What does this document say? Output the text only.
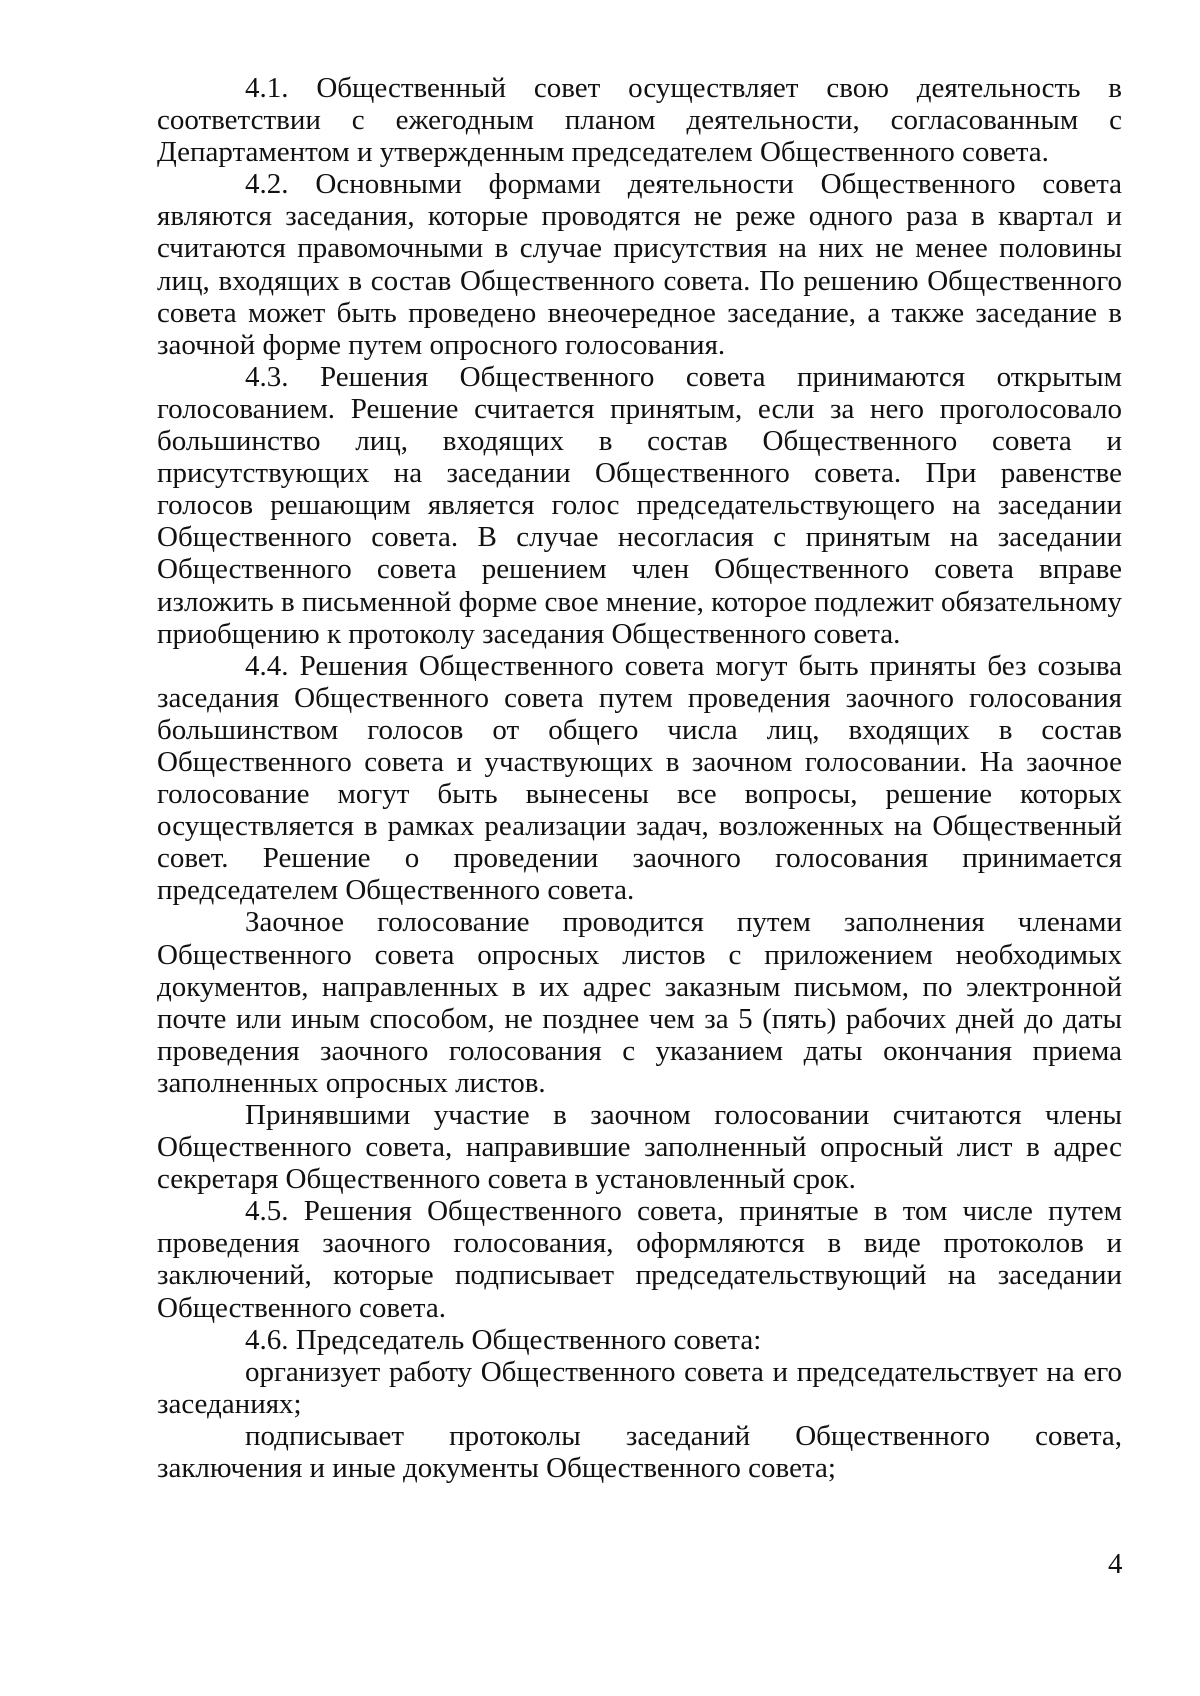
4.1. Общественный совет осуществляет свою деятельность в соответствии с ежегодным планом деятельности, согласованным с Департаментом и утвержденным председателем Общественного совета.

4.2. Основными формами деятельности Общественного совета являются заседания, которые проводятся не реже одного раза в квартал и считаются правомочными в случае присутствия на них не менее половины лиц, входящих в состав Общественного совета. По решению Общественного совета может быть проведено внеочередное заседание, а также заседание в заочной форме путем опросного голосования.

4.3. Решения Общественного совета принимаются открытым голосованием. Решение считается принятым, если за него проголосовало большинство лиц, входящих в состав Общественного совета и присутствующих на заседании Общественного совета. При равенстве голосов решающим является голос председательствующего на заседании Общественного совета. В случае несогласия с принятым на заседании Общественного совета решением член Общественного совета вправе изложить в письменной форме свое мнение, которое подлежит обязательному приобщению к протоколу заседания Общественного совета.

4.4. Решения Общественного совета могут быть приняты без созыва заседания Общественного совета путем проведения заочного голосования большинством голосов от общего числа лиц, входящих в состав Общественного совета и участвующих в заочном голосовании. На заочное голосование могут быть вынесены все вопросы, решение которых осуществляется в рамках реализации задач, возложенных на Общественный совет. Решение о проведении заочного голосования принимается председателем Общественного совета.

Заочное голосование проводится путем заполнения членами Общественного совета опросных листов с приложением необходимых документов, направленных в их адрес заказным письмом, по электронной почте или иным способом, не позднее чем за 5 (пять) рабочих дней до даты проведения заочного голосования с указанием даты окончания приема заполненных опросных листов.

Принявшими участие в заочном голосовании считаются члены Общественного совета, направившие заполненный опросный лист в адрес секретаря Общественного совета в установленный срок.

4.5. Решения Общественного совета, принятые в том числе путем проведения заочного голосования, оформляются в виде протоколов и заключений, которые подписывает председательствующий на заседании Общественного совета.

4.6. Председатель Общественного совета:

организует работу Общественного совета и председательствует на его заседаниях;

подписывает протоколы заседаний Общественного совета, заключения и иные документы Общественного совета;

4
